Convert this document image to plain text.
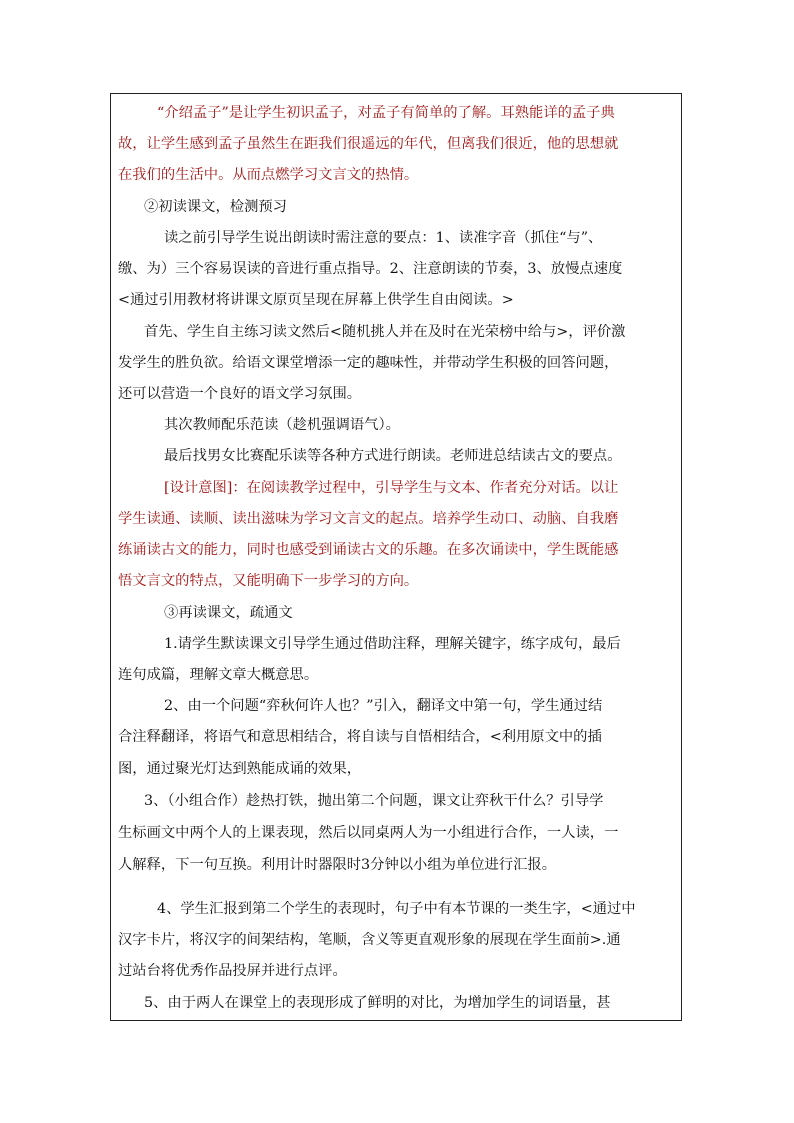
“介绍孟子”是让学生初识孟子，对孟子有简单的了解。耳熟能详的孟子典
故，让学生感到孟子虽然生在距我们很遥远的年代，但离我们很近，他的思想就
在我们的生活中。从而点燃学习文言文的热情。
②初读课文，检测预习
读之前引导学生说出朗读时需注意的要点：1、读准字音（抓住“与”、
缴、为）三个容易误读的音进行重点指导。2、注意朗读的节奏，3、放慢点速度
<通过引用教材将讲课文原页呈现在屏幕上供学生自由阅读。>
首先、学生自主练习读文然后<随机挑人并在及时在光荣榜中给与>，评价激
发学生的胜负欲。给语文课堂增添一定的趣味性，并带动学生积极的回答问题，
还可以营造一个良好的语文学习氛围。
其次教师配乐范读（趁机强调语气）。
最后找男女比赛配乐读等各种方式进行朗读。老师进总结读古文的要点。
[设计意图]：在阅读教学过程中，引导学生与文本、作者充分对话。以让
学生读通、读顺、读出滋味为学习文言文的起点。培养学生动口、动脑、自我磨
练诵读古文的能力，同时也感受到诵读古文的乐趣。在多次诵读中，学生既能感
悟文言文的特点，又能明确下一步学习的方向。
③再读课文，疏通文
1.请学生默读课文引导学生通过借助注释，理解关键字，练字成句，最后
连句成篇，理解文章大概意思。
2、由一个问题“弈秋何许人也？”引入，翻译文中第一句，学生通过结
合注释翻译，将语气和意思相结合，将自读与自悟相结合，<利用原文中的插
图，通过聚光灯达到熟能成诵的效果，
3、（小组合作）趁热打铁，抛出第二个问题，课文让弈秋干什么？引导学
生标画文中两个人的上课表现，然后以同桌两人为一小组进行合作，一人读，一
人解释，下一句互换。利用计时器限时3分钟以小组为单位进行汇报。
4、学生汇报到第二个学生的表现时，句子中有本节课的一类生字，<通过中
汉字卡片，将汉字的间架结构，笔顺，含义等更直观形象的展现在学生面前>.通
过站台将优秀作品投屏并进行点评。
5、由于两人在课堂上的表现形成了鲜明的对比，为增加学生的词语量，甚
